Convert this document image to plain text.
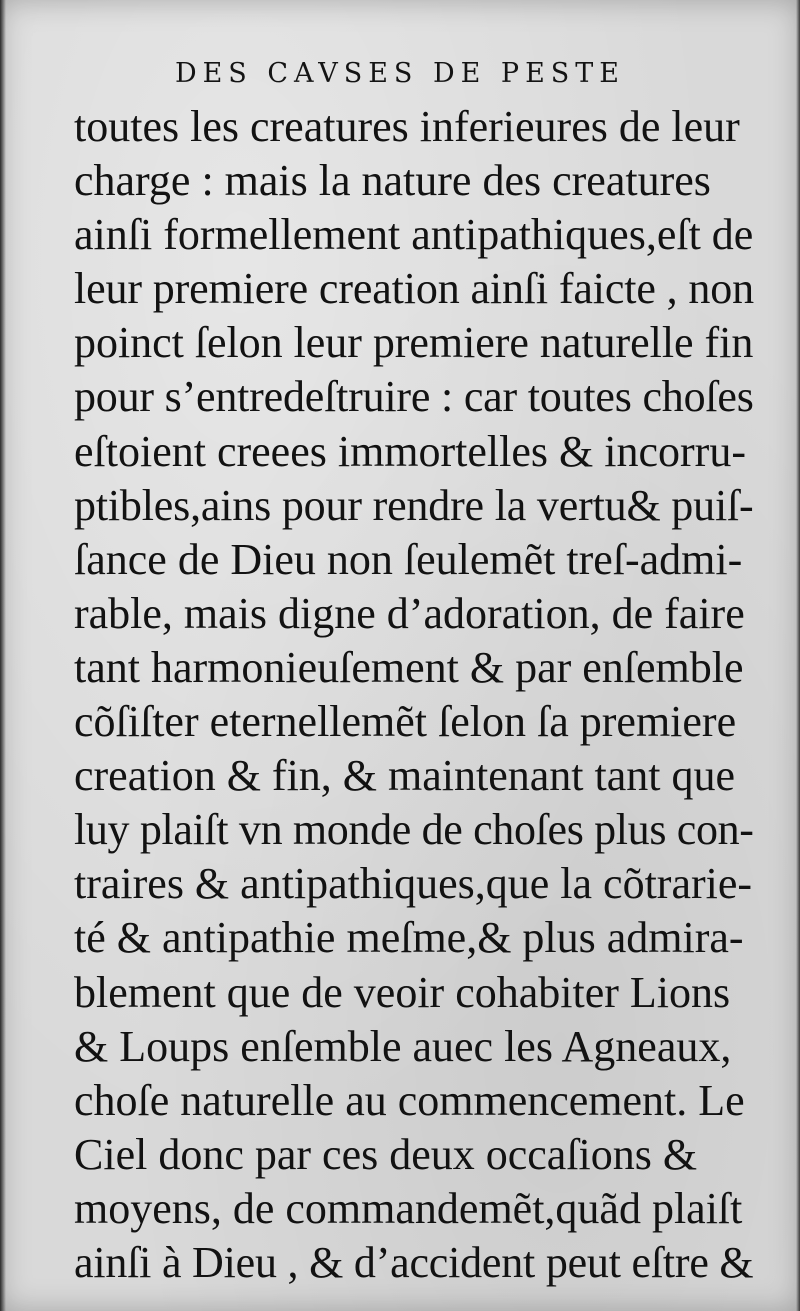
DES CAVSES DE PESTE
toutes les creatures inferieures de leur
charge : mais la nature des creatures
ainſi formellement antipathiques,eſt de
leur premiere creation ainſi faicte , non
poinct ſelon leur premiere naturelle fin
pour s’entredeſtruire : car toutes choſes
eſtoient creees immortelles & incorru-
ptibles,ains pour rendre la vertu& puiſ-
ſance de Dieu non ſeulemẽt treſ-admi-
rable, mais digne d’adoration, de faire
tant harmonieuſement & par enſemble
cõſiſter eternellemẽt ſelon ſa premiere
creation & fin, & maintenant tant que
luy plaiſt vn monde de choſes plus con-
traires & antipathiques,que la cõtrarie-
té & antipathie meſme,& plus admira-
blement que de veoir cohabiter Lions
& Loups enſemble auec les Agneaux,
choſe naturelle au commencement. Le
Ciel donc par ces deux occaſions &
moyens, de commandemẽt,quãd plaiſt
ainſi à Dieu , & d’accident peut eſtre &
